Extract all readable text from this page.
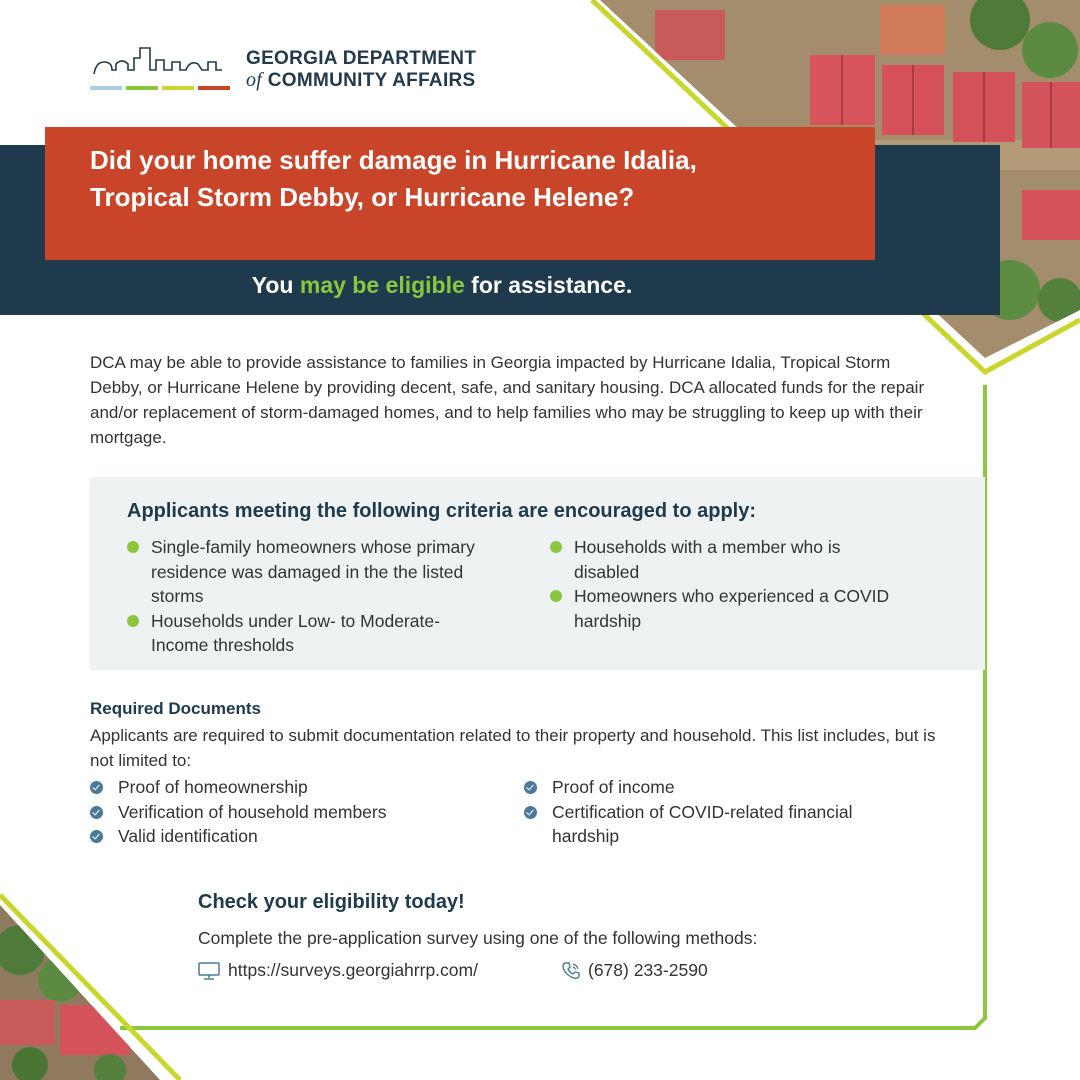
GEORGIA DEPARTMENT
of COMMUNITY AFFAIRS
Did your home suffer damage in Hurricane Idalia, Tropical Storm Debby, or Hurricane Helene?
You may be eligible for assistance.
DCA may be able to provide assistance to families in Georgia impacted by Hurricane Idalia, Tropical Storm Debby, or Hurricane Helene by providing decent, safe, and sanitary housing. DCA allocated funds for the repair and/or replacement of storm-damaged homes, and to help families who may be struggling to keep up with their mortgage.
Applicants meeting the following criteria are encouraged to apply:
Single-family homeowners whose primary residence was damaged in the the listed storms
Households under Low- to Moderate-Income thresholds
Households with a member who is disabled
Homeowners who experienced a COVID hardship
Required Documents
Applicants are required to submit documentation related to their property and household. This list includes, but is not limited to:
Proof of homeownership
Verification of household members
Valid identification
Proof of income
Certification of COVID-related financial hardship
Check your eligibility today!
Complete the pre-application survey using one of the following methods:
https://surveys.georgiahrrp.com/	(678) 233-2590
